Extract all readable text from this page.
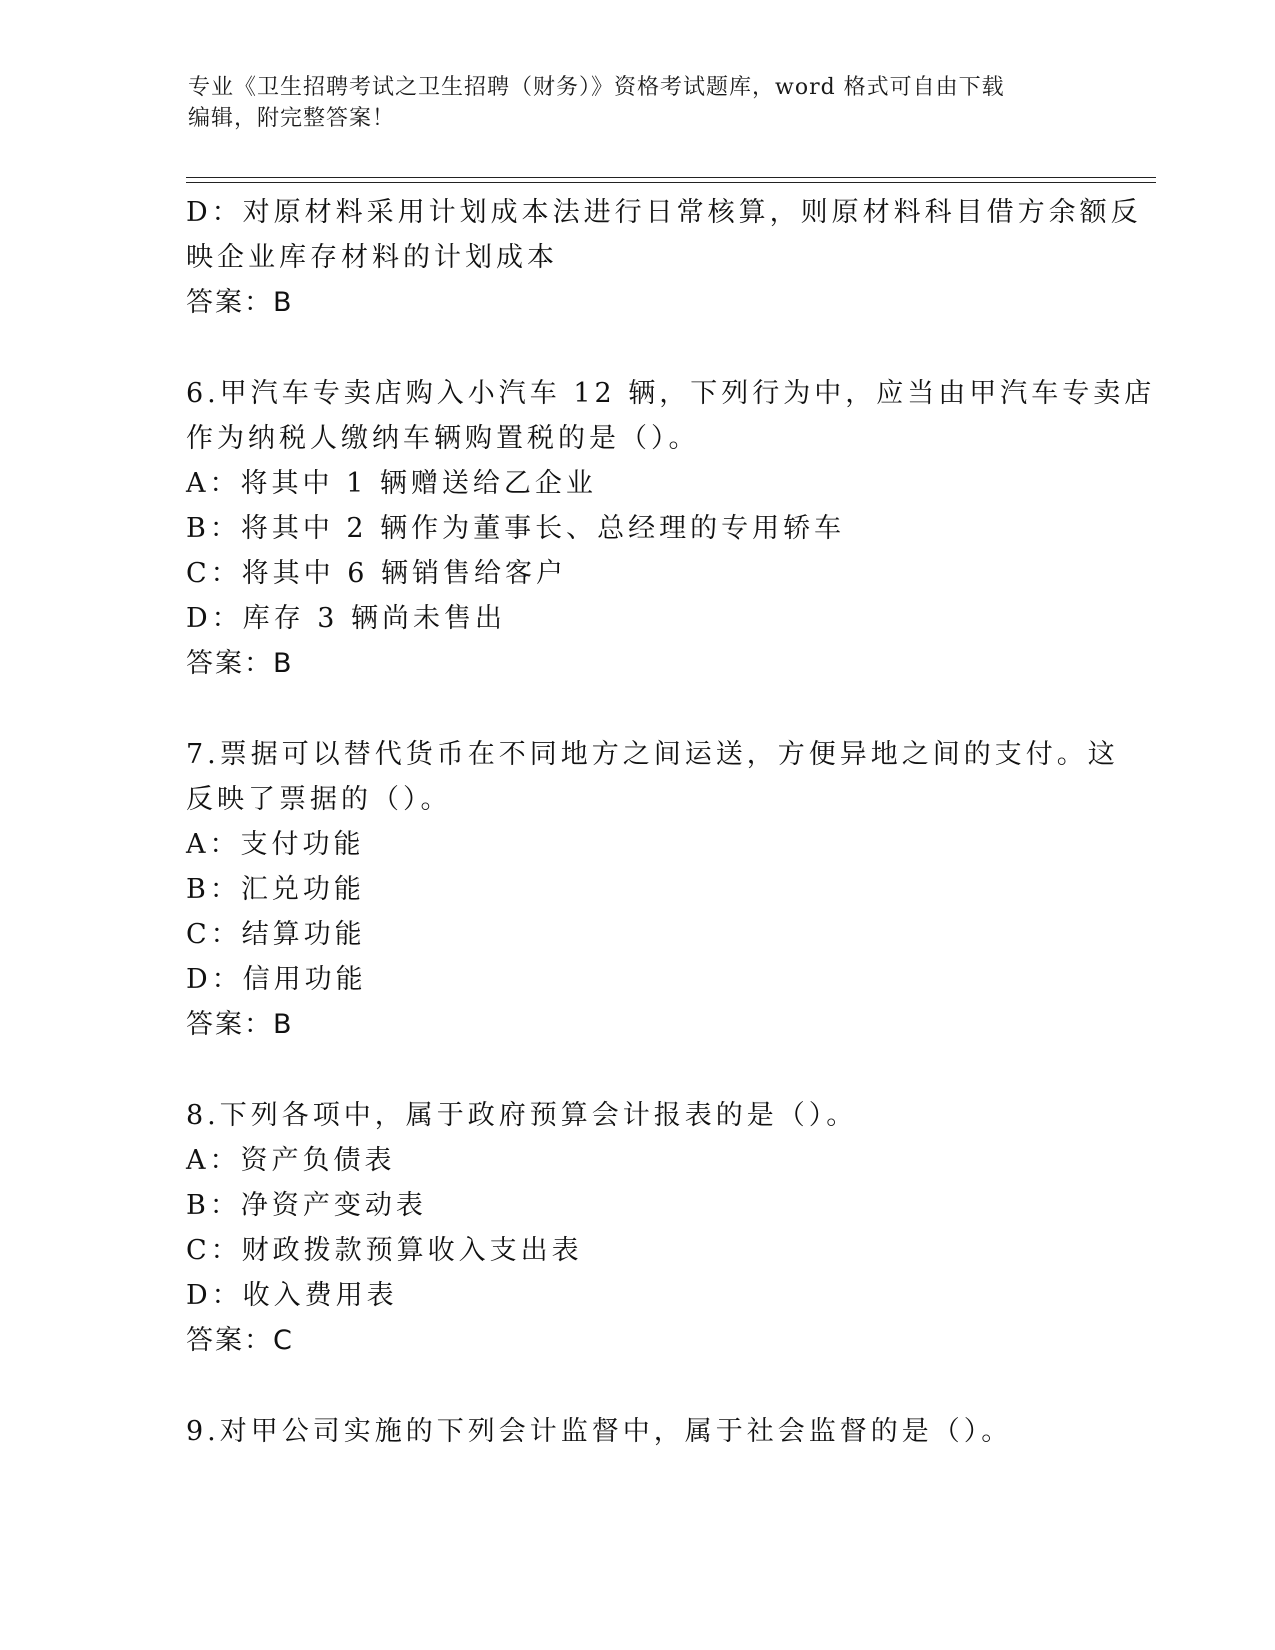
专业《卫生招聘考试之卫生招聘（财务）》资格考试题库，word 格式可自由下载
编辑，附完整答案！
D：对原材料采用计划成本法进行日常核算，则原材料科目借方余额反
映企业库存材料的计划成本
答案：B
6.甲汽车专卖店购入小汽车 12 辆，下列行为中，应当由甲汽车专卖店
作为纳税人缴纳车辆购置税的是（）。
A：将其中 1 辆赠送给乙企业
B：将其中 2 辆作为董事长、总经理的专用轿车
C：将其中 6 辆销售给客户
D：库存 3 辆尚未售出
答案：B
7.票据可以替代货币在不同地方之间运送，方便异地之间的支付。这
反映了票据的（）。
A：支付功能
B：汇兑功能
C：结算功能
D：信用功能
答案：B
8.下列各项中，属于政府预算会计报表的是（）。
A：资产负债表
B：净资产变动表
C：财政拨款预算收入支出表
D：收入费用表
答案：C
9.对甲公司实施的下列会计监督中，属于社会监督的是（）。
